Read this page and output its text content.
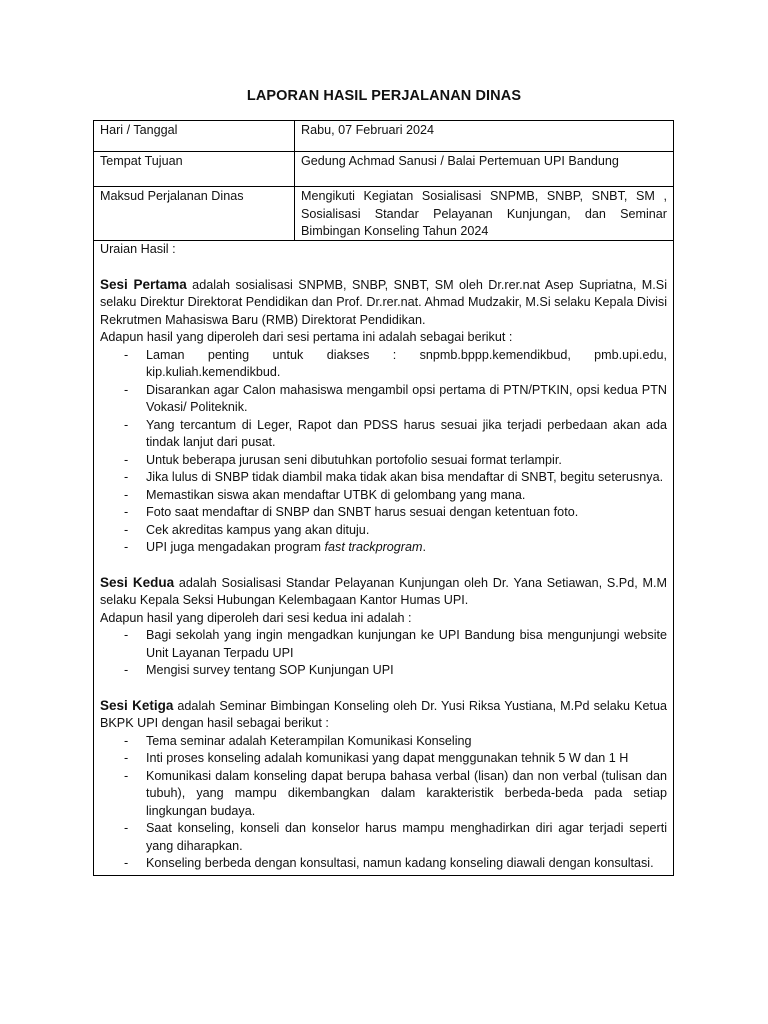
LAPORAN HASIL PERJALANAN DINAS
Hari / Tanggal	Rabu, 07 Februari 2024
Tempat Tujuan	Gedung Achmad Sanusi / Balai Pertemuan UPI Bandung
Maksud Perjalanan Dinas	Mengikuti Kegiatan Sosialisasi SNPMB, SNBP, SNBT, SM , Sosialisasi Standar Pelayanan Kunjungan, dan Seminar Bimbingan Konseling Tahun 2024

Uraian Hasil :

Sesi Pertama adalah sosialisasi SNPMB, SNBP, SNBT, SM oleh Dr.rer.nat Asep Supriatna, M.Si selaku Direktur Direktorat Pendidikan dan Prof. Dr.rer.nat. Ahmad Mudzakir, M.Si selaku Kepala Divisi Rekrutmen Mahasiswa Baru (RMB) Direktorat Pendidikan.

Adapun hasil yang diperoleh dari sesi pertama ini adalah sebagai berikut :

- Laman penting untuk diakses : snpmb.bppp.kemendikbud, pmb.upi.edu, kip.kuliah.kemendikbud.
- Disarankan agar Calon mahasiswa mengambil opsi pertama di PTN/PTKIN, opsi kedua PTN Vokasi/ Politeknik.
- Yang tercantum di Leger, Rapot dan PDSS harus sesuai jika terjadi perbedaan akan ada tindak lanjut dari pusat.
- Untuk beberapa jurusan seni dibutuhkan portofolio sesuai format terlampir.
- Jika lulus di SNBP tidak diambil maka tidak akan bisa mendaftar di SNBT, begitu seterusnya.
- Memastikan siswa akan mendaftar UTBK di gelombang yang mana.
- Foto saat mendaftar di SNBP dan SNBT harus sesuai dengan ketentuan foto.
- Cek akreditas kampus yang akan dituju.
- UPI juga mengadakan program fast trackprogram.

Sesi Kedua adalah Sosialisasi Standar Pelayanan Kunjungan oleh Dr. Yana Setiawan, S.Pd, M.M selaku Kepala Seksi Hubungan Kelembagaan Kantor Humas UPI.

Adapun hasil yang diperoleh dari sesi kedua ini adalah :

- Bagi sekolah yang ingin mengadkan kunjungan ke UPI Bandung bisa mengunjungi website Unit Layanan Terpadu UPI
- Mengisi survey tentang SOP Kunjungan UPI

Sesi Ketiga adalah Seminar Bimbingan Konseling oleh Dr. Yusi Riksa Yustiana, M.Pd selaku Ketua BKPK UPI dengan hasil sebagai berikut :

- Tema seminar adalah Keterampilan Komunikasi Konseling
- Inti proses konseling adalah komunikasi yang dapat menggunakan tehnik 5 W dan 1 H
- Komunikasi dalam konseling dapat berupa bahasa verbal (lisan) dan non verbal (tulisan dan tubuh), yang mampu dikembangkan dalam karakteristik berbeda-beda pada setiap lingkungan budaya.
- Saat konseling, konseli dan konselor harus mampu menghadirkan diri agar terjadi seperti yang diharapkan.
- Konseling berbeda dengan konsultasi, namun kadang konseling diawali dengan konsultasi.
